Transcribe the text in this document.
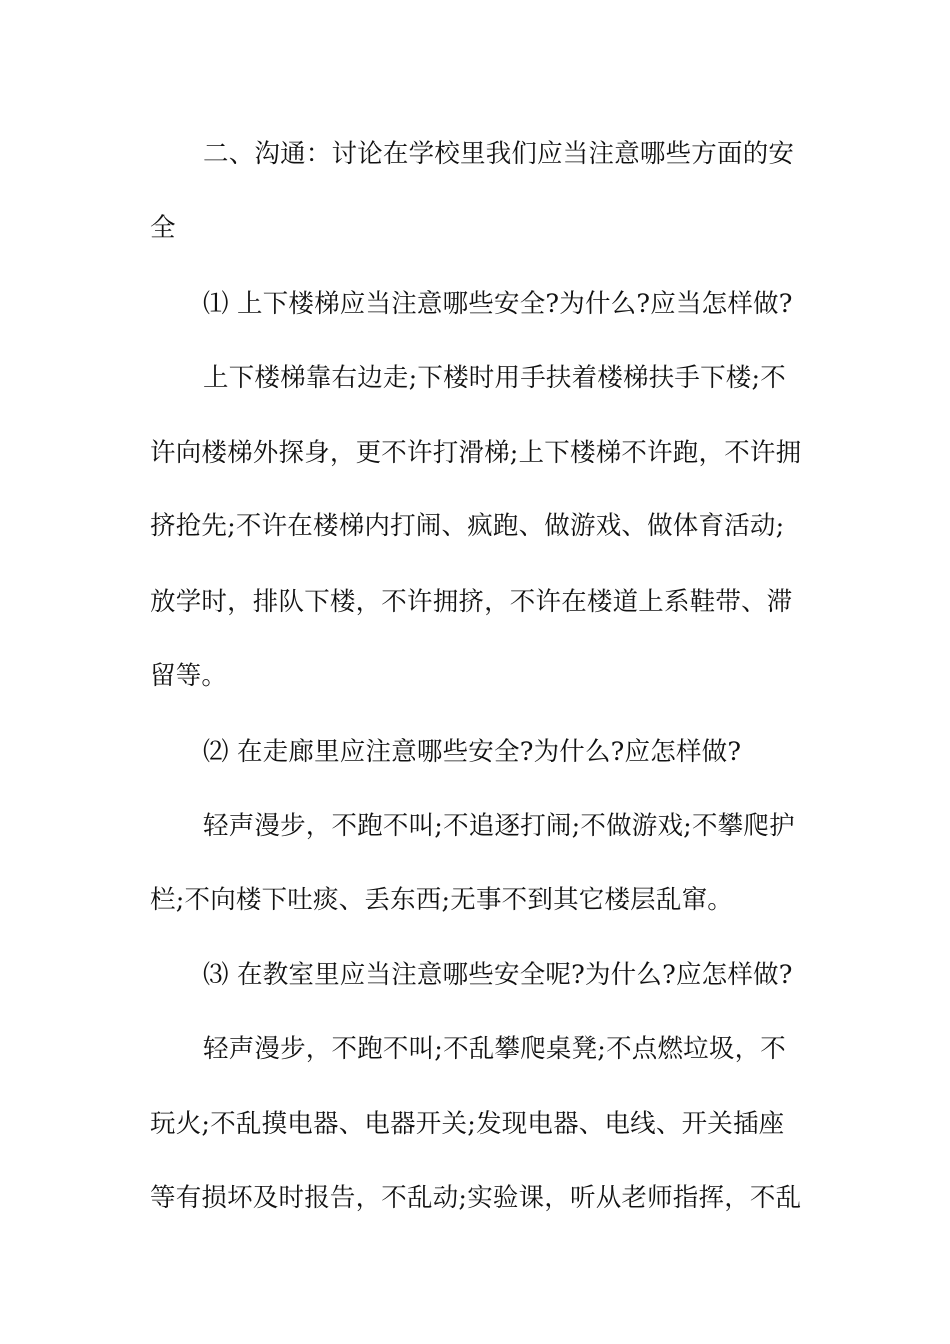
二、沟通：讨论在学校里我们应当注意哪些方面的安

全

⑴ 上下楼梯应当注意哪些安全?为什么?应当怎样做?

上下楼梯靠右边走;下楼时用手扶着楼梯扶手下楼;不

许向楼梯外探身，更不许打滑梯;上下楼梯不许跑，不许拥

挤抢先;不许在楼梯内打闹、疯跑、做游戏、做体育活动;

放学时，排队下楼，不许拥挤，不许在楼道上系鞋带、滞

留等。

⑵ 在走廊里应注意哪些安全?为什么?应怎样做?

轻声漫步，不跑不叫;不追逐打闹;不做游戏;不攀爬护

栏;不向楼下吐痰、丢东西;无事不到其它楼层乱窜。

⑶ 在教室里应当注意哪些安全呢?为什么?应怎样做?

轻声漫步，不跑不叫;不乱攀爬桌凳;不点燃垃圾，不

玩火;不乱摸电器、电器开关;发现电器、电线、开关插座

等有损坏及时报告，不乱动;实验课，听从老师指挥，不乱
